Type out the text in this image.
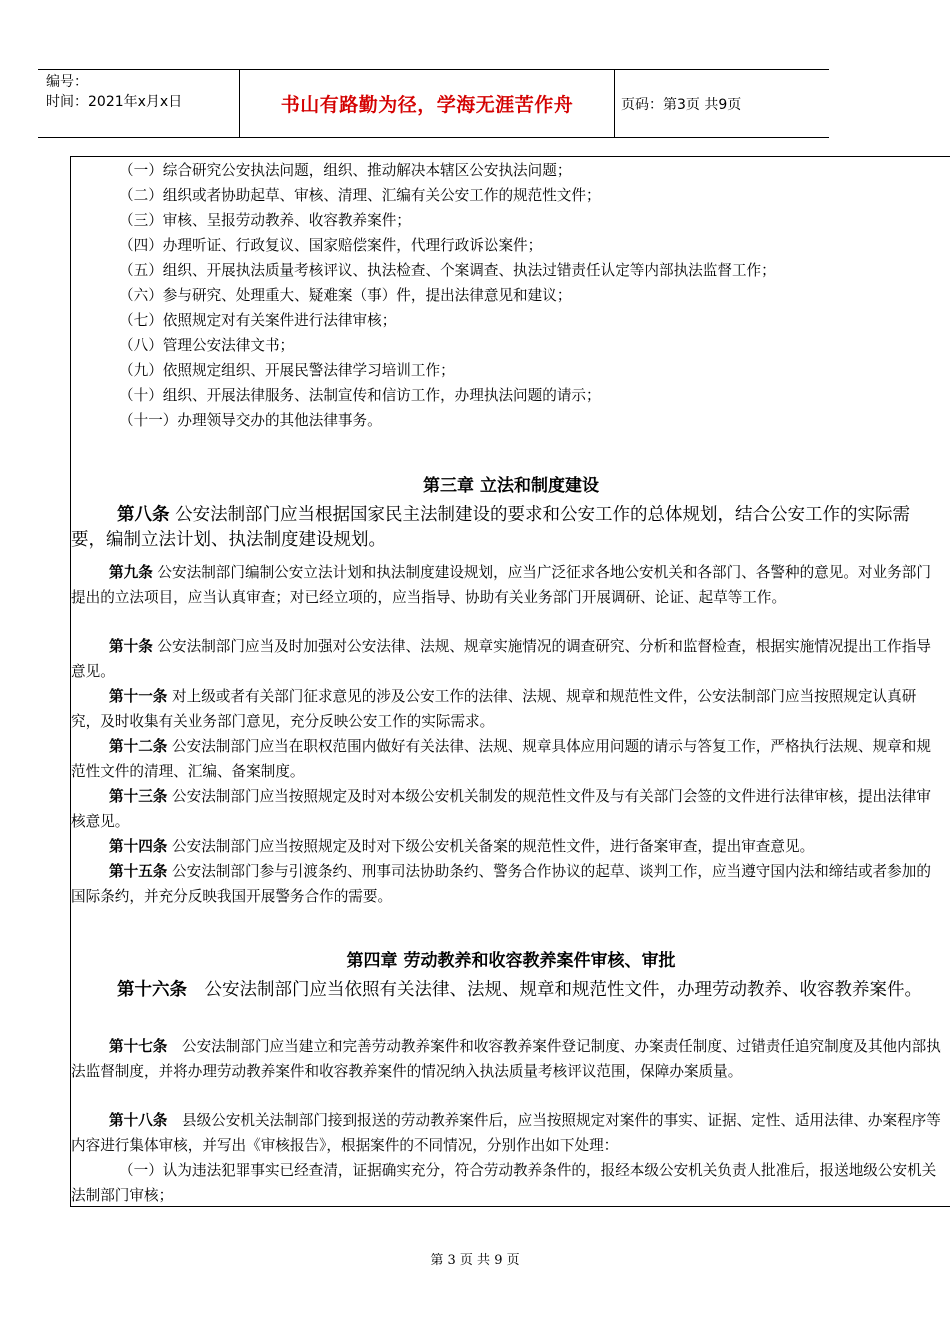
编号：
时间：2021年x月x日	书山有路勤为径，学海无涯苦作舟	页码：第3页 共9页
（一）综合研究公安执法问题，组织、推动解决本辖区公安执法问题；
（二）组织或者协助起草、审核、清理、汇编有关公安工作的规范性文件；
（三）审核、呈报劳动教养、收容教养案件；
（四）办理听证、行政复议、国家赔偿案件，代理行政诉讼案件；
（五）组织、开展执法质量考核评议、执法检查、个案调查、执法过错责任认定等内部执法监督工作；
（六）参与研究、处理重大、疑难案（事）件，提出法律意见和建议；
（七）依照规定对有关案件进行法律审核；
（八）管理公安法律文书；
（九）依照规定组织、开展民警法律学习培训工作；
（十）组织、开展法律服务、法制宣传和信访工作，办理执法问题的请示；
（十一）办理领导交办的其他法律事务。
第三章 立法和制度建设
第八条 公安法制部门应当根据国家民主法制建设的要求和公安工作的总体规划，结合公安工作的实际需要，编制立法计划、执法制度建设规划。
第九条 公安法制部门编制公安立法计划和执法制度建设规划，应当广泛征求各地公安机关和各部门、各警种的意见。对业务部门提出的立法项目，应当认真审查；对已经立项的，应当指导、协助有关业务部门开展调研、论证、起草等工作。
第十条 公安法制部门应当及时加强对公安法律、法规、规章实施情况的调查研究、分析和监督检查，根据实施情况提出工作指导意见。
第十一条 对上级或者有关部门征求意见的涉及公安工作的法律、法规、规章和规范性文件，公安法制部门应当按照规定认真研究，及时收集有关业务部门意见，充分反映公安工作的实际需求。
第十二条 公安法制部门应当在职权范围内做好有关法律、法规、规章具体应用问题的请示与答复工作，严格执行法规、规章和规范性文件的清理、汇编、备案制度。
第十三条 公安法制部门应当按照规定及时对本级公安机关制发的规范性文件及与有关部门会签的文件进行法律审核，提出法律审核意见。
第十四条 公安法制部门应当按照规定及时对下级公安机关备案的规范性文件，进行备案审查，提出审查意见。
第十五条 公安法制部门参与引渡条约、刑事司法协助条约、警务合作协议的起草、谈判工作，应当遵守国内法和缔结或者参加的国际条约，并充分反映我国开展警务合作的需要。
第四章 劳动教养和收容教养案件审核、审批
第十六条　公安法制部门应当依照有关法律、法规、规章和规范性文件，办理劳动教养、收容教养案件。
第十七条　公安法制部门应当建立和完善劳动教养案件和收容教养案件登记制度、办案责任制度、过错责任追究制度及其他内部执法监督制度，并将办理劳动教养案件和收容教养案件的情况纳入执法质量考核评议范围，保障办案质量。
第十八条　县级公安机关法制部门接到报送的劳动教养案件后，应当按照规定对案件的事实、证据、定性、适用法律、办案程序等内容进行集体审核，并写出《审核报告》，根据案件的不同情况，分别作出如下处理：
（一）认为违法犯罪事实已经查清，证据确实充分，符合劳动教养条件的，报经本级公安机关负责人批准后，报送地级公安机关法制部门审核；
第 3 页 共 9 页
